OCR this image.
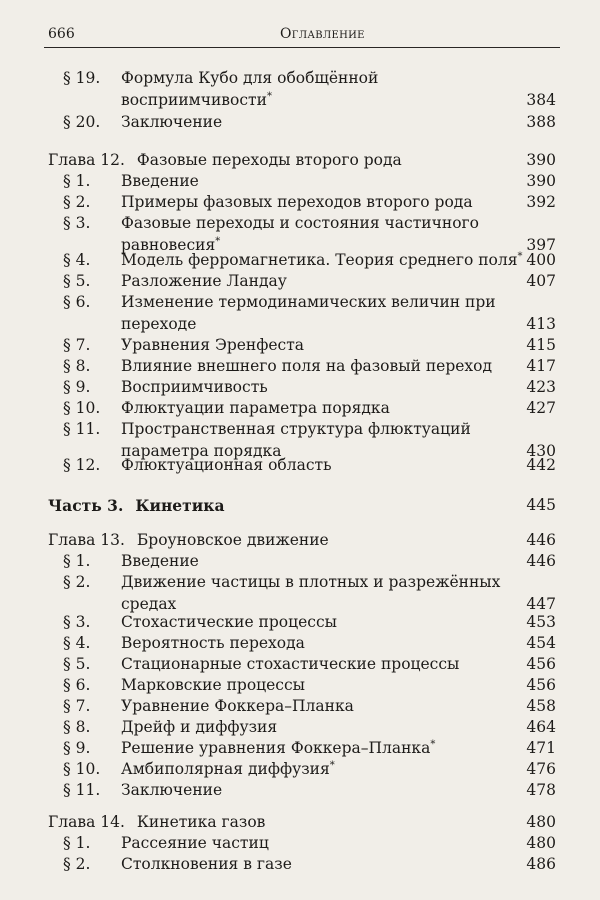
666	Оглавление
§ 19. Формула Кубо для обобщённой
восприимчивости*	384
§ 20. Заключение	388
Глава 12. Фазовые переходы второго рода	390
§ 1. Введение	390
§ 2. Примеры фазовых переходов второго рода	392
§ 3. Фазовые переходы и состояния частичного
равновесия*	397
§ 4. Модель ферромагнетика. Теория среднего поля* 400
§ 5. Разложение Ландау	407
§ 6. Изменение термодинамических величин при
переходе	413
§ 7. Уравнения Эренфеста	415
§ 8. Влияние внешнего поля на фазовый переход	417
§ 9. Восприимчивость	423
§ 10. Флюктуации параметра порядка	427
§ 11. Пространственная структура флюктуаций
параметра порядка	430
§ 12. Флюктуационная область	442
Часть 3. Кинетика	445
Глава 13. Броуновское движение	446
§ 1. Введение	446
§ 2. Движение частицы в плотных и разрежённых
средах	447
§ 3. Стохастические процессы	453
§ 4. Вероятность перехода	454
§ 5. Стационарные стохастические процессы	456
§ 6. Марковские процессы	456
§ 7. Уравнение Фоккера–Планка	458
§ 8. Дрейф и диффузия	464
§ 9. Решение уравнения Фоккера–Планка*	471
§ 10. Амбиполярная диффузия*	476
§ 11. Заключение	478
Глава 14. Кинетика газов	480
§ 1. Рассеяние частиц	480
§ 2. Столкновения в газе	486
